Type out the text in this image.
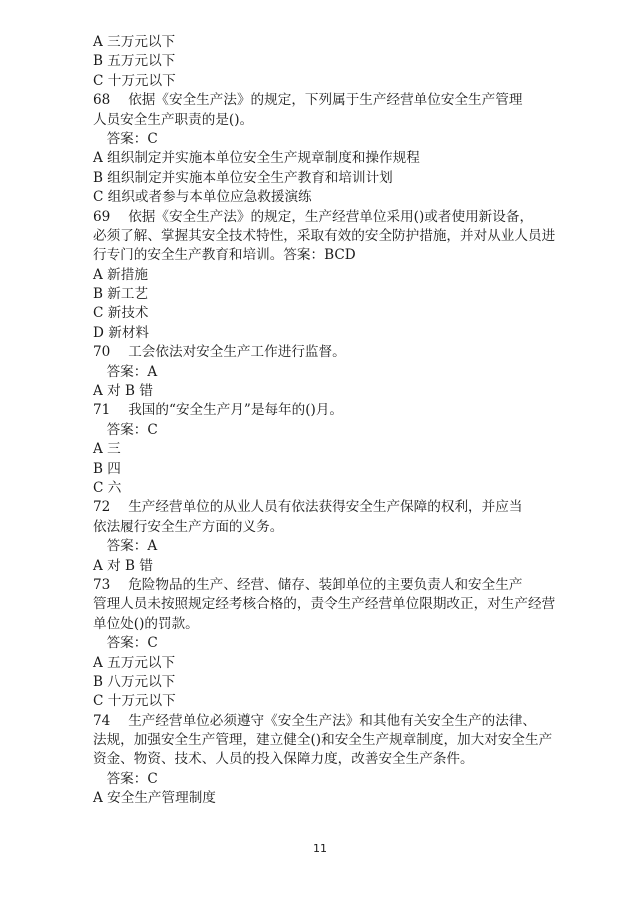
A 三万元以下
B 五万元以下
C 十万元以下
68　 依据《安全生产法》的规定，下列属于生产经营单位安全生产管理
人员安全生产职责的是()。
　答案：C
A 组织制定并实施本单位安全生产规章制度和操作规程
B 组织制定并实施本单位安全生产教育和培训计划
C 组织或者参与本单位应急救援演练
69　 依据《安全生产法》的规定，生产经营单位采用()或者使用新设备，
必须了解、掌握其安全技术特性，采取有效的安全防护措施，并对从业人员进
行专门的安全生产教育和培训。答案：BCD
A 新措施
B 新工艺
C 新技术
D 新材料
70　 工会依法对安全生产工作进行监督。
　答案：A
A 对 B 错
71　 我国的“安全生产月”是每年的()月。
　答案：C
A 三
B 四
C 六
72　 生产经营单位的从业人员有依法获得安全生产保障的权利，并应当
依法履行安全生产方面的义务。
　答案：A
A 对 B 错
73　 危险物品的生产、经营、储存、装卸单位的主要负责人和安全生产
管理人员未按照规定经考核合格的，责令生产经营单位限期改正，对生产经营
单位处()的罚款。
　答案：C
A 五万元以下
B 八万元以下
C 十万元以下
74　 生产经营单位必须遵守《安全生产法》和其他有关安全生产的法律、
法规，加强安全生产管理，建立健全()和安全生产规章制度，加大对安全生产
资金、物资、技术、人员的投入保障力度，改善安全生产条件。
　答案：C
A 安全生产管理制度
11
